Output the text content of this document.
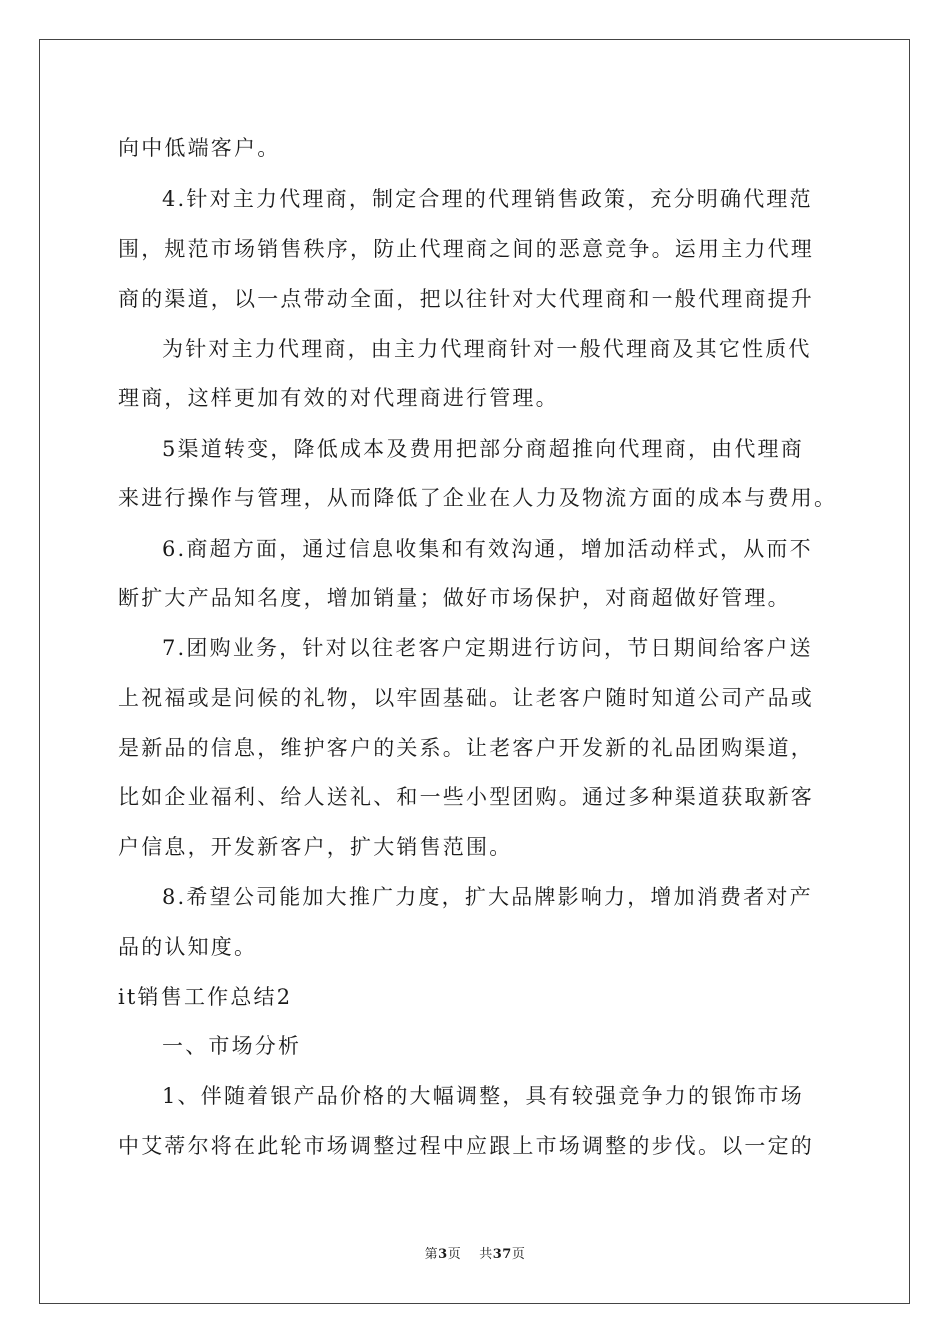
向中低端客户。
4.针对主力代理商，制定合理的代理销售政策，充分明确代理范
围，规范市场销售秩序，防止代理商之间的恶意竞争。运用主力代理
商的渠道，以一点带动全面，把以往针对大代理商和一般代理商提升
为针对主力代理商，由主力代理商针对一般代理商及其它性质代
理商，这样更加有效的对代理商进行管理。
5渠道转变，降低成本及费用把部分商超推向代理商，由代理商
来进行操作与管理，从而降低了企业在人力及物流方面的成本与费用。
6.商超方面，通过信息收集和有效沟通，增加活动样式，从而不
断扩大产品知名度，增加销量；做好市场保护，对商超做好管理。
7.团购业务，针对以往老客户定期进行访问，节日期间给客户送
上祝福或是问候的礼物，以牢固基础。让老客户随时知道公司产品或
是新品的信息，维护客户的关系。让老客户开发新的礼品团购渠道，
比如企业福利、给人送礼、和一些小型团购。通过多种渠道获取新客
户信息，开发新客户，扩大销售范围。
8.希望公司能加大推广力度，扩大品牌影响力，增加消费者对产
品的认知度。
it销售工作总结2
一、市场分析
1、伴随着银产品价格的大幅调整，具有较强竞争力的银饰市场
中艾蒂尔将在此轮市场调整过程中应跟上市场调整的步伐。以一定的
第3页 共37页
